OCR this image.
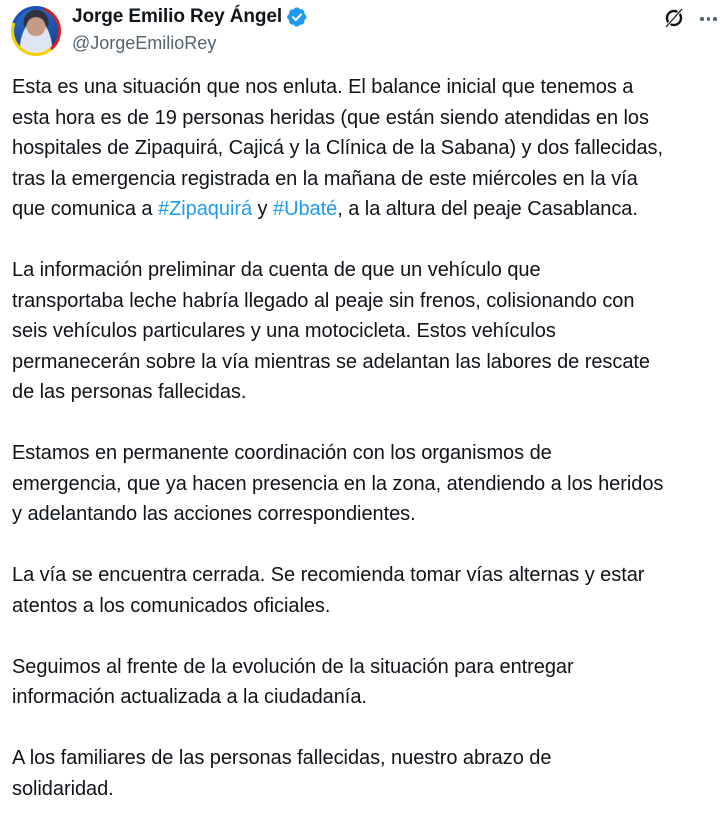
Jorge Emilio Rey Ángel
@JorgeEmilioRey

Esta es una situación que nos enluta. El balance inicial que tenemos a
esta hora es de 19 personas heridas (que están siendo atendidas en los
hospitales de Zipaquirá, Cajicá y la Clínica de la Sabana) y dos fallecidas,
tras la emergencia registrada en la mañana de este miércoles en la vía
que comunica a #Zipaquirá y #Ubaté, a la altura del peaje Casablanca.

La información preliminar da cuenta de que un vehículo que
transportaba leche habría llegado al peaje sin frenos, colisionando con
seis vehículos particulares y una motocicleta. Estos vehículos
permanecerán sobre la vía mientras se adelantan las labores de rescate
de las personas fallecidas.

Estamos en permanente coordinación con los organismos de
emergencia, que ya hacen presencia en la zona, atendiendo a los heridos
y adelantando las acciones correspondientes.

La vía se encuentra cerrada. Se recomienda tomar vías alternas y estar
atentos a los comunicados oficiales.

Seguimos al frente de la evolución de la situación para entregar
información actualizada a la ciudadanía.

A los familiares de las personas fallecidas, nuestro abrazo de
solidaridad.
